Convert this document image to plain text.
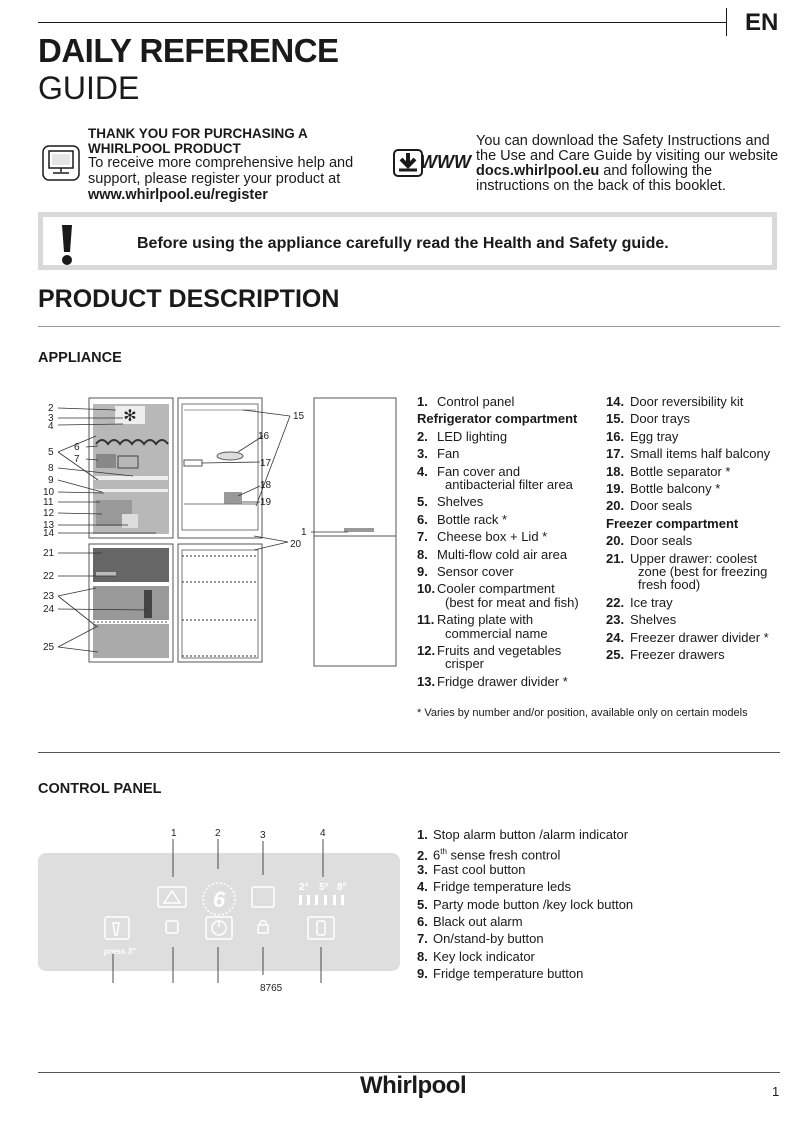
EN
DAILY REFERENCE
GUIDE
THANK YOU FOR PURCHASING A WHIRLPOOL PRODUCT
To receive more comprehensive help and support, please register your product at
www.whirlpool.eu/register
WWW
You can download the Safety Instructions and the Use and Care Guide by visiting our website docs.whirlpool.eu and following the instructions on the back of this booklet.
Before using the appliance carefully read the Health and Safety guide.
PRODUCT DESCRIPTION
APPLIANCE
✻
2
3
4
5 6
7
8
9
10
11
12
13
14
21
22
23
24
25
15
16
17
18
19
1
20
1. Control panel
Refrigerator compartment
2. LED lighting
3. Fan
4. Fan cover and
antibacterial filter area
5. Shelves
6. Bottle rack *
7. Cheese box + Lid *
8. Multi-flow cold air area
9. Sensor cover
10. Cooler compartment
(best for meat and fish)
11. Rating plate with
commercial name
12. Fruits and vegetables
crisper
13. Fridge drawer divider *
14. Door reversibility kit
15. Door trays
16. Egg tray
17. Small items half balcony
18. Bottle separator *
19. Bottle balcony *
20. Door seals
Freezer compartment
20. Door seals
21. Upper drawer: coolest
zone (best for freezing
fresh food)
22. Ice tray
23. Shelves
24. Freezer drawer divider *
25. Freezer drawers
* Varies by number and/or position, available only on certain models
CONTROL PANEL
1	2	3	4
8765
2° 5° 8°
press 3"
6
1. Stop alarm button /alarm indicator
2. 6th sense fresh control
3. Fast cool button
4. Fridge temperature leds
5. Party mode button /key lock button
6. Black out alarm
7. On/stand-by button
8. Key lock indicator
9. Fridge temperature button
Whirlpool	1
